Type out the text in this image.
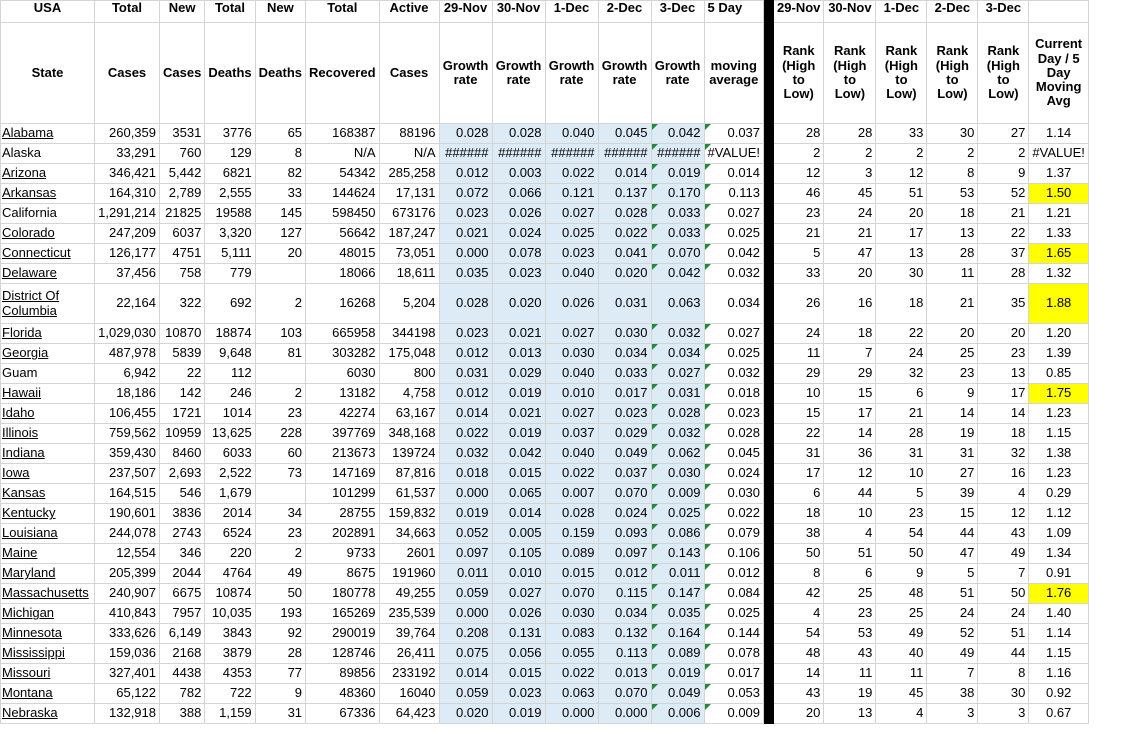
USA	Total	New	Total	New	Total	Active	29-Nov	30-Nov	1-Dec	2-Dec	3-Dec	5 Day		29-Nov	30-Nov	1-Dec	2-Dec	3-Dec	
State	Cases	Cases	Deaths	Deaths	Recovered	Cases	Growth rate	Growth rate	Growth rate	Growth rate	Growth rate	moving average		Rank (High to Low)	Rank (High to Low)	Rank (High to Low)	Rank (High to Low)	Rank (High to Low)	Current Day / 5 Day Moving Avg
Alabama	260,359	3531	3776	65	168387	88196	0.028	0.028	0.040	0.045	0.042	0.037		28	28	33	30	27	1.14
Alaska	33,291	760	129	8	N/A	N/A	######	######	######	######	######	#VALUE!		2	2	2	2	2	#VALUE!
Arizona	346,421	5,442	6821	82	54342	285,258	0.012	0.003	0.022	0.014	0.019	0.014		12	3	12	8	9	1.37
Arkansas	164,310	2,789	2,555	33	144624	17,131	0.072	0.066	0.121	0.137	0.170	0.113		46	45	51	53	52	1.50
California	1,291,214	21825	19588	145	598450	673176	0.023	0.026	0.027	0.028	0.033	0.027		23	24	20	18	21	1.21
Colorado	247,209	6037	3,320	127	56642	187,247	0.021	0.024	0.025	0.022	0.033	0.025		21	21	17	13	22	1.33
Connecticut	126,177	4751	5,111	20	48015	73,051	0.000	0.078	0.023	0.041	0.070	0.042		5	47	13	28	37	1.65
Delaware	37,456	758	779		18066	18,611	0.035	0.023	0.040	0.020	0.042	0.032		33	20	30	11	28	1.32
District Of Columbia	22,164	322	692	2	16268	5,204	0.028	0.020	0.026	0.031	0.063	0.034		26	16	18	21	35	1.88
Florida	1,029,030	10870	18874	103	665958	344198	0.023	0.021	0.027	0.030	0.032	0.027		24	18	22	20	20	1.20
Georgia	487,978	5839	9,648	81	303282	175,048	0.012	0.013	0.030	0.034	0.034	0.025		11	7	24	25	23	1.39
Guam	6,942	22	112		6030	800	0.031	0.029	0.040	0.033	0.027	0.032		29	29	32	23	13	0.85
Hawaii	18,186	142	246	2	13182	4,758	0.012	0.019	0.010	0.017	0.031	0.018		10	15	6	9	17	1.75
Idaho	106,455	1721	1014	23	42274	63,167	0.014	0.021	0.027	0.023	0.028	0.023		15	17	21	14	14	1.23
Illinois	759,562	10959	13,625	228	397769	348,168	0.022	0.019	0.037	0.029	0.032	0.028		22	14	28	19	18	1.15
Indiana	359,430	8460	6033	60	213673	139724	0.032	0.042	0.040	0.049	0.062	0.045		31	36	31	31	32	1.38
Iowa	237,507	2,693	2,522	73	147169	87,816	0.018	0.015	0.022	0.037	0.030	0.024		17	12	10	27	16	1.23
Kansas	164,515	546	1,679		101299	61,537	0.000	0.065	0.007	0.070	0.009	0.030		6	44	5	39	4	0.29
Kentucky	190,601	3836	2014	34	28755	159,832	0.019	0.014	0.028	0.024	0.025	0.022		18	10	23	15	12	1.12
Louisiana	244,078	2743	6524	23	202891	34,663	0.052	0.005	0.159	0.093	0.086	0.079		38	4	54	44	43	1.09
Maine	12,554	346	220	2	9733	2601	0.097	0.105	0.089	0.097	0.143	0.106		50	51	50	47	49	1.34
Maryland	205,399	2044	4764	49	8675	191960	0.011	0.010	0.015	0.012	0.011	0.012		8	6	9	5	7	0.91
Massachusetts	240,907	6675	10874	50	180778	49,255	0.059	0.027	0.070	0.115	0.147	0.084		42	25	48	51	50	1.76
Michigan	410,843	7957	10,035	193	165269	235,539	0.000	0.026	0.030	0.034	0.035	0.025		4	23	25	24	24	1.40
Minnesota	333,626	6,149	3843	92	290019	39,764	0.208	0.131	0.083	0.132	0.164	0.144		54	53	49	52	51	1.14
Mississippi	159,036	2168	3879	28	128746	26,411	0.075	0.056	0.055	0.113	0.089	0.078		48	43	40	49	44	1.15
Missouri	327,401	4438	4353	77	89856	233192	0.014	0.015	0.022	0.013	0.019	0.017		14	11	11	7	8	1.16
Montana	65,122	782	722	9	48360	16040	0.059	0.023	0.063	0.070	0.049	0.053		43	19	45	38	30	0.92
Nebraska	132,918	388	1,159	31	67336	64,423	0.020	0.019	0.000	0.000	0.006	0.009		20	13	4	3	3	0.67
